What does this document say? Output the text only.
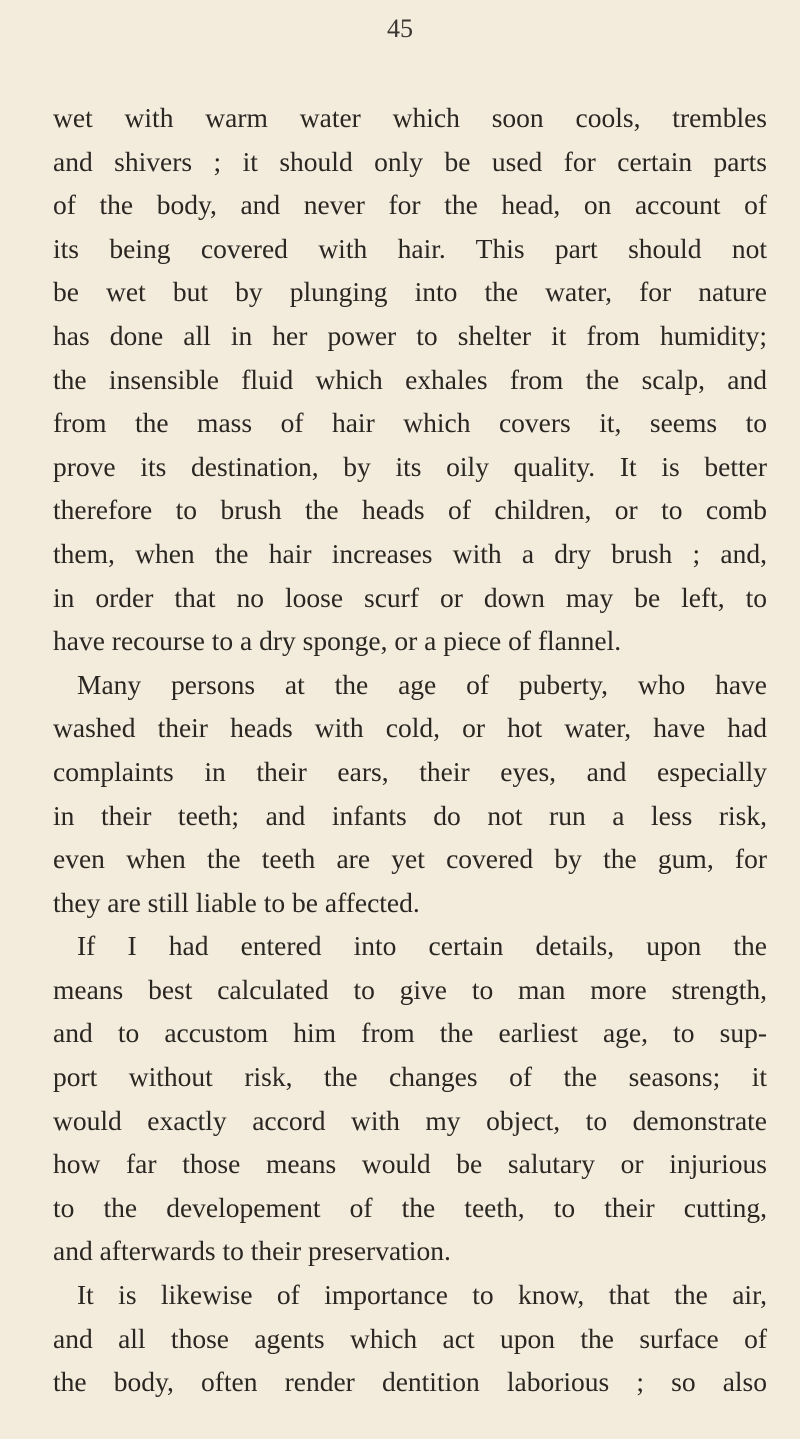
45
wet with warm water which soon cools, trembles
and shivers ; it should only be used for certain parts
of the body, and never for the head, on account of
its being covered with hair. This part should not
be wet but by plunging into the water, for nature
has done all in her power to shelter it from humidity;
the insensible fluid which exhales from the scalp, and
from the mass of hair which covers it, seems to
prove its destination, by its oily quality. It is better
therefore to brush the heads of children, or to comb
them, when the hair increases with a dry brush ; and,
in order that no loose scurf or down may be left, to
have recourse to a dry sponge, or a piece of flannel.
Many persons at the age of puberty, who have
washed their heads with cold, or hot water, have had
complaints in their ears, their eyes, and especially
in their teeth; and infants do not run a less risk,
even when the teeth are yet covered by the gum, for
they are still liable to be affected.
If I had entered into certain details, upon the
means best calculated to give to man more strength,
and to accustom him from the earliest age, to sup-
port without risk, the changes of the seasons; it
would exactly accord with my object, to demonstrate
how far those means would be salutary or injurious
to the developement of the teeth, to their cutting,
and afterwards to their preservation.
It is likewise of importance to know, that the air,
and all those agents which act upon the surface of
the body, often render dentition laborious ; so also
